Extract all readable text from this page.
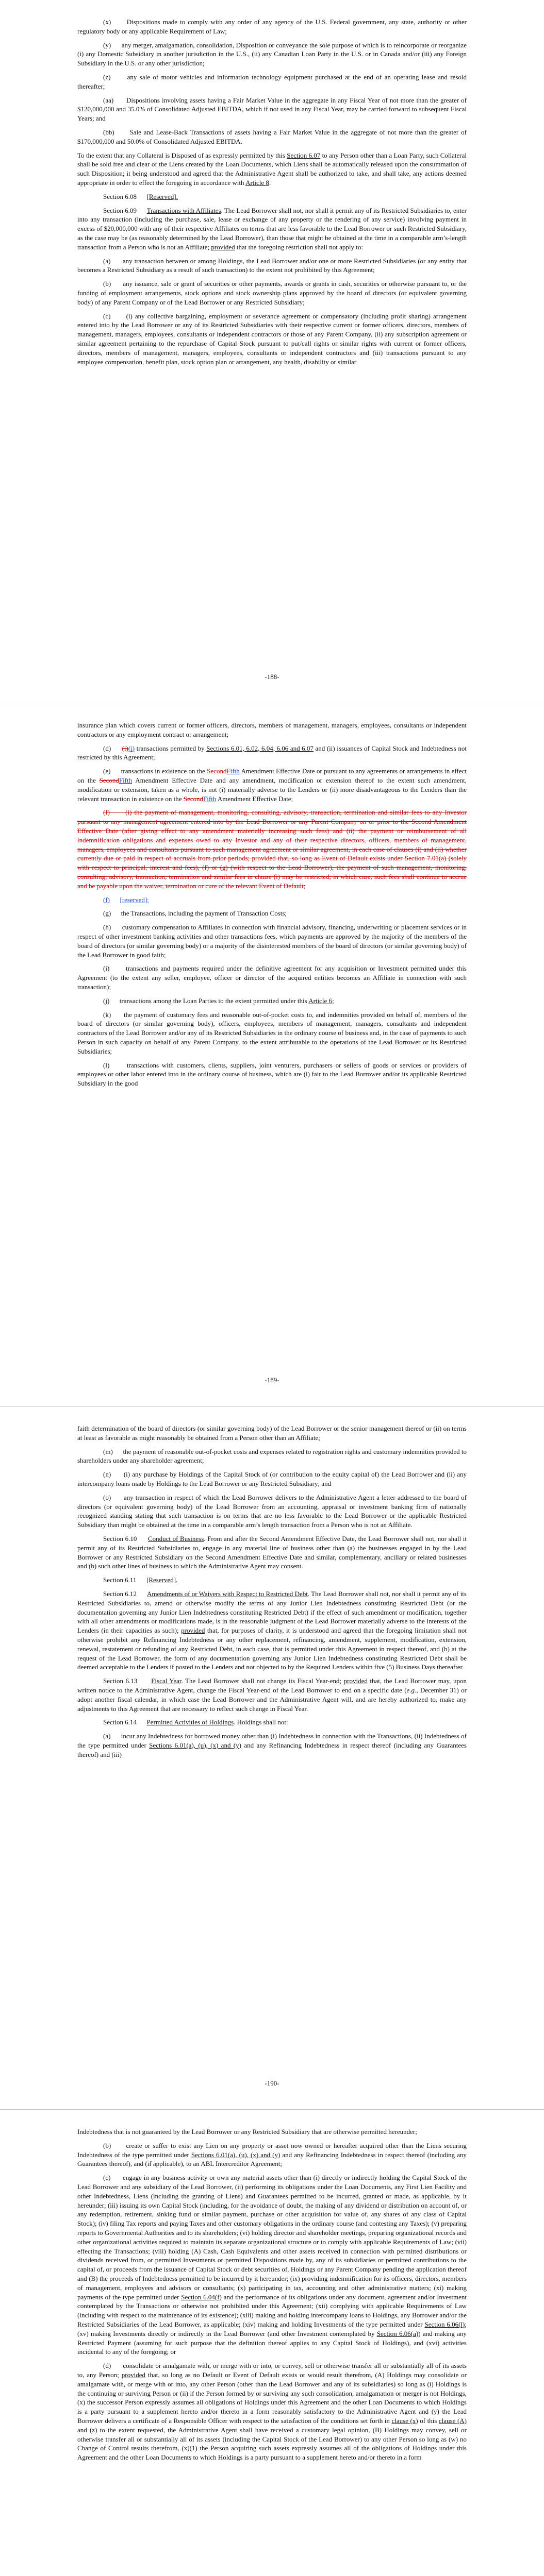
(x)      Dispositions made to comply with any order of any agency of the U.S. Federal government, any state, authority or other regulatory body or any applicable Requirement of Law;

(y)      any merger, amalgamation, consolidation, Disposition or conveyance the sole purpose of which is to reincorporate or reorganize (i) any Domestic Subsidiary in another jurisdiction in the U.S., (ii) any Canadian Loan Party in the U.S. or in Canada and/or (iii) any Foreign Subsidiary in the U.S. or any other jurisdiction;

(z)      any sale of motor vehicles and information technology equipment purchased at the end of an operating lease and resold thereafter;

(aa)      Dispositions involving assets having a Fair Market Value in the aggregate in any Fiscal Year of not more than the greater of $120,000,000 and 35.0% of Consolidated Adjusted EBITDA, which if not used in any Fiscal Year, may be carried forward to subsequent Fiscal Years; and

(bb)      Sale and Lease-Back Transactions of assets having a Fair Market Value in the aggregate of not more than the greater of $170,000,000 and 50.0% of Consolidated Adjusted EBITDA.

To the extent that any Collateral is Disposed of as expressly permitted by this Section 6.07 to any Person other than a Loan Party, such Collateral shall be sold free and clear of the Liens created by the Loan Documents, which Liens shall be automatically released upon the consummation of such Disposition; it being understood and agreed that the Administrative Agent shall be authorized to take, and shall take, any actions deemed appropriate in order to effect the foregoing in accordance with Article 8.

Section 6.08 [Reserved].

Section 6.09 Transactions with Affiliates. The Lead Borrower shall not, nor shall it permit any of its Restricted Subsidiaries to, enter into any transaction (including the purchase, sale, lease or exchange of any property or the rendering of any service) involving payment in excess of $20,000,000 with any of their respective Affiliates on terms that are less favorable to the Lead Borrower or such Restricted Subsidiary, as the case may be (as reasonably determined by the Lead Borrower), than those that might be obtained at the time in a comparable arm’s-length transaction from a Person who is not an Affiliate; provided that the foregoing restriction shall not apply to:

(a)      any transaction between or among Holdings, the Lead Borrower and/or one or more Restricted Subsidiaries (or any entity that becomes a Restricted Subsidiary as a result of such transaction) to the extent not prohibited by this Agreement;

(b)      any issuance, sale or grant of securities or other payments, awards or grants in cash, securities or otherwise pursuant to, or the funding of employment arrangements, stock options and stock ownership plans approved by the board of directors (or equivalent governing body) of any Parent Company or of the Lead Borrower or any Restricted Subsidiary;

(c)      (i) any collective bargaining, employment or severance agreement or compensatory (including profit sharing) arrangement entered into by the Lead Borrower or any of its Restricted Subsidiaries with their respective current or former officers, directors, members of management, managers, employees, consultants or independent contractors or those of any Parent Company, (ii) any subscription agreement or similar agreement pertaining to the repurchase of Capital Stock pursuant to put/call rights or similar rights with current or former officers, directors, members of management, managers, employees, consultants or independent contractors and (iii) transactions pursuant to any employee compensation, benefit plan, stock option plan or arrangement, any health, disability or similar

-188-

insurance plan which covers current or former officers, directors, members of management, managers, employees, consultants or independent contractors or any employment contract or arrangement;

(d)      (i)(i) transactions permitted by Sections 6.01, 6.02, 6.04, 6.06 and 6.07 and (ii) issuances of Capital Stock and Indebtedness not restricted by this Agreement;

(e)      transactions in existence on the SecondFifth Amendment Effective Date or pursuant to any agreements or arrangements in effect on the SecondFifth Amendment Effective Date and any amendment, modification or extension thereof to the extent such amendment, modification or extension, taken as a whole, is not (i) materially adverse to the Lenders or (ii) more disadvantageous to the Lenders than the relevant transaction in existence on the SecondFifth Amendment Effective Date;

(f)      (i) the payment of management, monitoring, consulting, advisory, transaction, termination and similar fees to any Investor pursuant to any management agreement entered into by the Lead Borrower or any Parent Company on or prior to the Second Amendment Effective Date (after giving effect to any amendment materially increasing such fees) and (ii) the payment or reimbursement of all indemnification obligations and expenses owed to any Investor and any of their respective directors, officers, members of management, managers, employees and consultants pursuant to such management agreement or similar agreement, in each case of clauses (i) and (ii) whether currently due or paid in respect of accruals from prior periods; provided that, so long as Event of Default exists under Section 7.01(a) (solely with respect to principal, interest and fees), (f) or (g) (with respect to the Lead Borrower), the payment of such management, monitoring, consulting, advisory, transaction, termination and similar fees in clause (i) may be restricted, in which case, such fees shall continue to accrue and be payable upon the waiver, termination or cure of the relevant Event of Default;

(f) [reserved];

(g)      the Transactions, including the payment of Transaction Costs;

(h)      customary compensation to Affiliates in connection with financial advisory, financing, underwriting or placement services or in respect of other investment banking activities and other transactions fees, which payments are approved by the majority of the members of the board of directors (or similar governing body) or a majority of the disinterested members of the board of directors (or similar governing body) of the Lead Borrower in good faith;

(i)      transactions and payments required under the definitive agreement for any acquisition or Investment permitted under this Agreement (to the extent any seller, employee, officer or director of the acquired entities becomes an Affiliate in connection with such transaction);

(j)      transactions among the Loan Parties to the extent permitted under this Article 6;

(k)      the payment of customary fees and reasonable out-of-pocket costs to, and indemnities provided on behalf of, members of the board of directors (or similar governing body), officers, employees, members of management, managers, consultants and independent contractors of the Lead Borrower and/or any of its Restricted Subsidiaries in the ordinary course of business and, in the case of payments to such Person in such capacity on behalf of any Parent Company, to the extent attributable to the operations of the Lead Borrower or its Restricted Subsidiaries;

(l)      transactions with customers, clients, suppliers, joint venturers, purchasers or sellers of goods or services or providers of employees or other labor entered into in the ordinary course of business, which are (i) fair to the Lead Borrower and/or its applicable Restricted Subsidiary in the good

-189-

faith determination of the board of directors (or similar governing body) of the Lead Borrower or the senior management thereof or (ii) on terms at least as favorable as might reasonably be obtained from a Person other than an Affiliate;

(m)      the payment of reasonable out-of-pocket costs and expenses related to registration rights and customary indemnities provided to shareholders under any shareholder agreement;

(n)      (i) any purchase by Holdings of the Capital Stock of (or contribution to the equity capital of) the Lead Borrower and (ii) any intercompany loans made by Holdings to the Lead Borrower or any Restricted Subsidiary; and

(o)      any transaction in respect of which the Lead Borrower delivers to the Administrative Agent a letter addressed to the board of directors (or equivalent governing body) of the Lead Borrower from an accounting, appraisal or investment banking firm of nationally recognized standing stating that such transaction is on terms that are no less favorable to the Lead Borrower or the applicable Restricted Subsidiary than might be obtained at the time in a comparable arm’s length transaction from a Person who is not an Affiliate.

Section 6.10 Conduct of Business. From and after the Second Amendment Effective Date, the Lead Borrower shall not, nor shall it permit any of its Restricted Subsidiaries to, engage in any material line of business other than (a) the businesses engaged in by the Lead Borrower or any Restricted Subsidiary on the Second Amendment Effective Date and similar, complementary, ancillary or related businesses and (b) such other lines of business to which the Administrative Agent may consent.

Section 6.11 [Reserved].

Section 6.12 Amendments of or Waivers with Respect to Restricted Debt. The Lead Borrower shall not, nor shall it permit any of its Restricted Subsidiaries to, amend or otherwise modify the terms of any Junior Lien Indebtedness constituting Restricted Debt (or the documentation governing any Junior Lien Indebtedness constituting Restricted Debt) if the effect of such amendment or modification, together with all other amendments or modifications made, is in the reasonable judgment of the Lead Borrower materially adverse to the interests of the Lenders (in their capacities as such); provided that, for purposes of clarity, it is understood and agreed that the foregoing limitation shall not otherwise prohibit any Refinancing Indebtedness or any other replacement, refinancing, amendment, supplement, modification, extension, renewal, restatement or refunding of any Restricted Debt, in each case, that is permitted under this Agreement in respect thereof, and (b) at the request of the Lead Borrower, the form of any documentation governing any Junior Lien Indebtedness constituting Restricted Debt shall be deemed acceptable to the Lenders if posted to the Lenders and not objected to by the Required Lenders within five (5) Business Days thereafter.

Section 6.13 Fiscal Year. The Lead Borrower shall not change its Fiscal Year-end; provided that, the Lead Borrower may, upon written notice to the Administrative Agent, change the Fiscal Year-end of the Lead Borrower to end on a specific date (e.g., December 31) or adopt another fiscal calendar, in which case the Lead Borrower and the Administrative Agent will, and are hereby authorized to, make any adjustments to this Agreement that are necessary to reflect such change in Fiscal Year.

Section 6.14 Permitted Activities of Holdings. Holdings shall not:

(a)      incur any Indebtedness for borrowed money other than (i) Indebtedness in connection with the Transactions, (ii) Indebtedness of the type permitted under Sections 6.01(a), (u), (x) and (y) and any Refinancing Indebtedness in respect thereof (including any Guarantees thereof) and (iii)

-190-

Indebtedness that is not guaranteed by the Lead Borrower or any Restricted Subsidiary that are otherwise permitted hereunder;

(b)      create or suffer to exist any Lien on any property or asset now owned or hereafter acquired other than the Liens securing Indebtedness of the type permitted under Sections 6.01(a), (u), (x) and (y) and any Refinancing Indebtedness in respect thereof (including any Guarantees thereof), and (if applicable), to an ABL Intercreditor Agreement;

(c)      engage in any business activity or own any material assets other than (i) directly or indirectly holding the Capital Stock of the Lead Borrower and any subsidiary of the Lead Borrower, (ii) performing its obligations under the Loan Documents, any First Lien Facility and other Indebtedness, Liens (including the granting of Liens) and Guarantees permitted to be incurred, granted or made, as applicable, by it hereunder; (iii) issuing its own Capital Stock (including, for the avoidance of doubt, the making of any dividend or distribution on account of, or any redemption, retirement, sinking fund or similar payment, purchase or other acquisition for value of, any shares of any class of Capital Stock); (iv) filing Tax reports and paying Taxes and other customary obligations in the ordinary course (and contesting any Taxes); (v) preparing reports to Governmental Authorities and to its shareholders; (vi) holding director and shareholder meetings, preparing organizational records and other organizational activities required to maintain its separate organizational structure or to comply with applicable Requirements of Law; (vii) effecting the Transactions; (viii) holding (A) Cash, Cash Equivalents and other assets received in connection with permitted distributions or dividends received from, or permitted Investments or permitted Dispositions made by, any of its subsidiaries or permitted contributions to the capital of, or proceeds from the issuance of Capital Stock or debt securities of, Holdings or any Parent Company pending the application thereof and (B) the proceeds of Indebtedness permitted to be incurred by it hereunder; (ix) providing indemnification for its officers, directors, members of management, employees and advisors or consultants; (x) participating in tax, accounting and other administrative matters; (xi) making payments of the type permitted under Section 6.04(f) and the performance of its obligations under any document, agreement and/or Investment contemplated by the Transactions or otherwise not prohibited under this Agreement; (xii) complying with applicable Requirements of Law (including with respect to the maintenance of its existence); (xiii) making and holding intercompany loans to Holdings, any Borrower and/or the Restricted Subsidiaries of the Lead Borrower, as applicable; (xiv) making and holding Investments of the type permitted under Section 6.06(l); (xv) making Investments directly or indirectly in the Lead Borrower (and other Investment contemplated by Section 6.06(a)) and making any Restricted Payment (assuming for such purpose that the definition thereof applies to any Capital Stock of Holdings), and (xvi) activities incidental to any of the foregoing; or

(d)      consolidate or amalgamate with, or merge with or into, or convey, sell or otherwise transfer all or substantially all of its assets to, any Person; provided that, so long as no Default or Event of Default exists or would result therefrom, (A) Holdings may consolidate or amalgamate with, or merge with or into, any other Person (other than the Lead Borrower and any of its subsidiaries) so long as (i) Holdings is the continuing or surviving Person or (ii) if the Person formed by or surviving any such consolidation, amalgamation or merger is not Holdings, (x) the successor Person expressly assumes all obligations of Holdings under this Agreement and the other Loan Documents to which Holdings is a party pursuant to a supplement hereto and/or thereto in a form reasonably satisfactory to the Administrative Agent and (y) the Lead Borrower delivers a certificate of a Responsible Officer with respect to the satisfaction of the conditions set forth in clause (x) of this clause (A) and (z) to the extent requested, the Administrative Agent shall have received a customary legal opinion, (B) Holdings may convey, sell or otherwise transfer all or substantially all of its assets (including the Capital Stock of the Lead Borrower) to any other Person so long as (w) no Change of Control results therefrom, (x)(1) the Person acquiring such assets expressly assumes all of the obligations of Holdings under this Agreement and the other Loan Documents to which Holdings is a party pursuant to a supplement hereto and/or thereto in a form
